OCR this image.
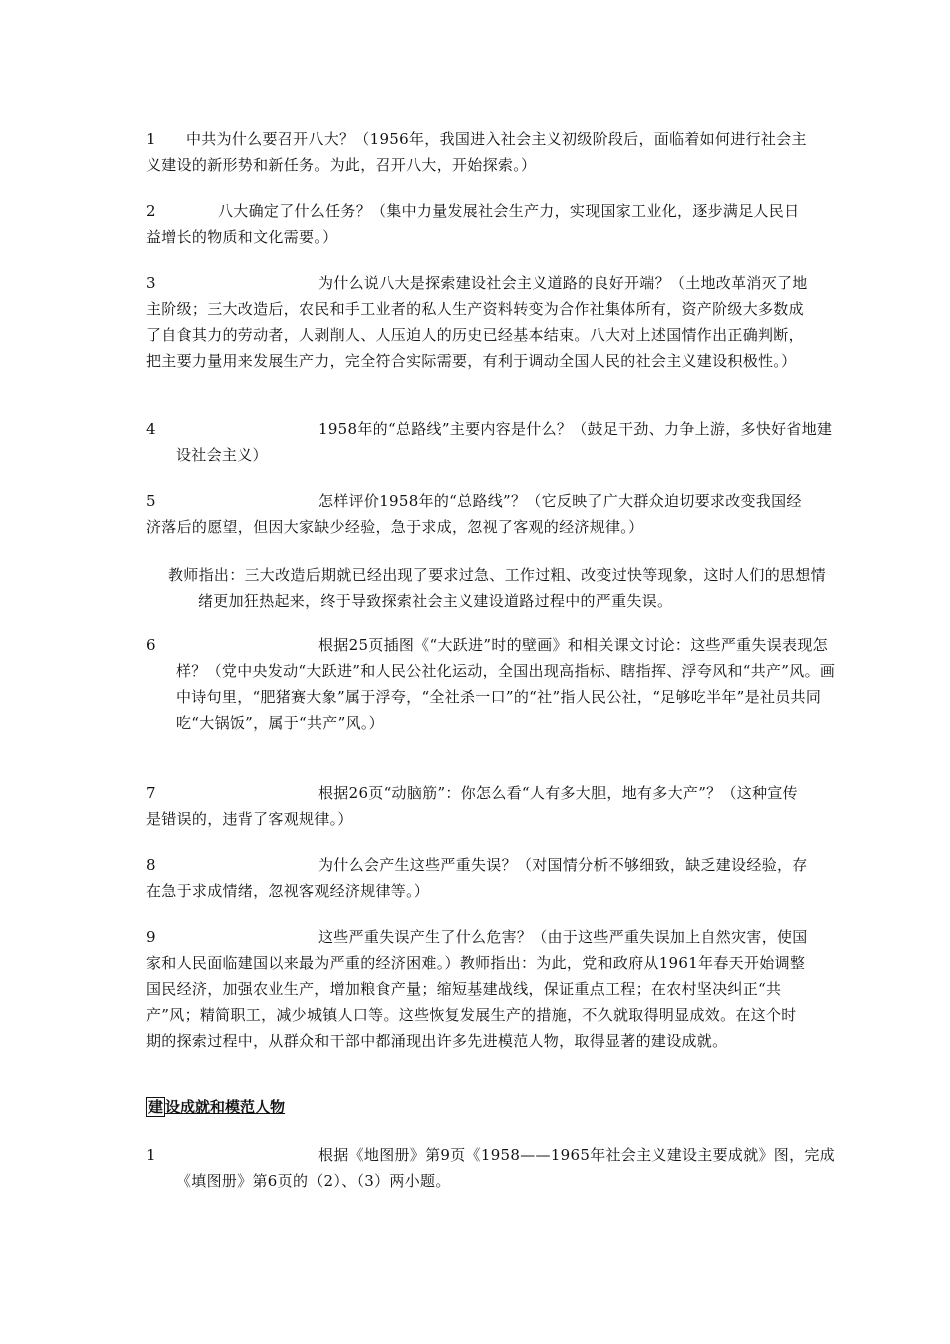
1 中共为什么要召开八大？（1956年，我国进入社会主义初级阶段后，面临着如何进行社会主义建设的新形势和新任务。为此，召开八大，开始探索。）

2	八大确定了什么任务？（集中力量发展社会生产力，实现国家工业化，逐步满足人民日益增长的物质和文化需要。）

3	为什么说八大是探索建设社会主义道路的良好开端？（土地改革消灭了地主阶级；三大改造后，农民和手工业者的私人生产资料转变为合作社集体所有，资产阶级大多数成了自食其力的劳动者，人剥削人、人压迫人的历史已经基本结束。八大对上述国情作出正确判断，把主要力量用来发展生产力，完全符合实际需要，有利于调动全国人民的社会主义建设积极性。）

4	1958年的“总路线”主要内容是什么？（鼓足干劲、力争上游，多快好省地建设社会主义）

5	怎样评价1958年的“总路线”？（它反映了广大群众迫切要求改变我国经济落后的愿望，但因大家缺少经验，急于求成，忽视了客观的经济规律。）

教师指出：三大改造后期就已经出现了要求过急、工作过粗、改变过快等现象，这时人们的思想情绪更加狂热起来，终于导致探索社会主义建设道路过程中的严重失误。

6	根据25页插图《“大跃进”时的壁画》和相关课文讨论：这些严重失误表现怎样？（党中央发动“大跃进”和人民公社化运动，全国出现高指标、瞎指挥、浮夸风和“共产”风。画中诗句里，“肥猪赛大象”属于浮夸，“全社杀一口”的“社”指人民公社，“足够吃半年”是社员共同吃“大锅饭”，属于“共产”风。）

7	根据26页“动脑筋”：你怎么看“人有多大胆，地有多大产”？（这种宣传是错误的，违背了客观规律。）

8	为什么会产生这些严重失误？（对国情分析不够细致，缺乏建设经验，存在急于求成情绪，忽视客观经济规律等。）

9	这些严重失误产生了什么危害？（由于这些严重失误加上自然灾害，使国家和人民面临建国以来最为严重的经济困难。）教师指出：为此，党和政府从1961年春天开始调整国民经济，加强农业生产，增加粮食产量；缩短基建战线，保证重点工程；在农村坚决纠正“共产”风；精简职工，减少城镇人口等。这些恢复发展生产的措施，不久就取得明显成效。在这个时期的探索过程中，从群众和干部中都涌现出许多先进模范人物，取得显著的建设成就。

建 设成就和模范人物

1	根据《地图册》第9页《1958——1965年社会主义建设主要成就》图，完成《填图册》第6页的（2）、（3）两小题。
